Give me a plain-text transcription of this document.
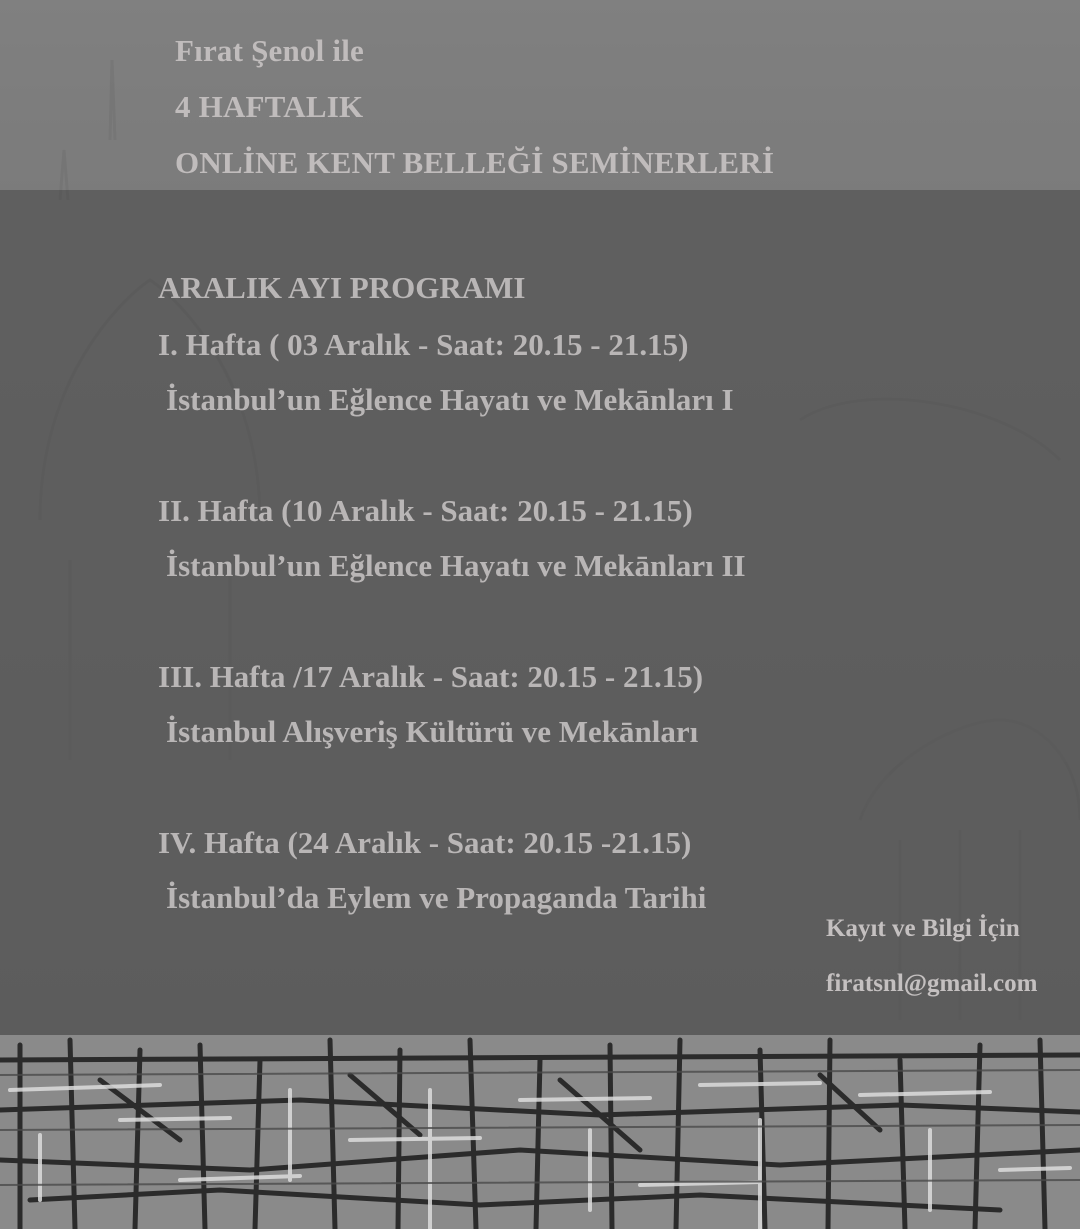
Fırat Şenol ile
4 HAFTALIK
ONLİNE KENT BELLEĞİ SEMİNERLERİ
ARALIK AYI PROGRAMI
I. Hafta ( 03 Aralık - Saat: 20.15 - 21.15)
İstanbul’un Eğlence Hayatı ve Mekānları I
II. Hafta (10 Aralık - Saat: 20.15 - 21.15)
İstanbul’un Eğlence Hayatı ve Mekānları II
III. Hafta /17 Aralık - Saat: 20.15 - 21.15)
İstanbul Alışveriş Kültürü ve Mekānları
IV. Hafta (24 Aralık - Saat: 20.15 -21.15)
İstanbul’da Eylem ve Propaganda Tarihi
Kayıt ve Bilgi İçin
firatsnl@gmail.com
